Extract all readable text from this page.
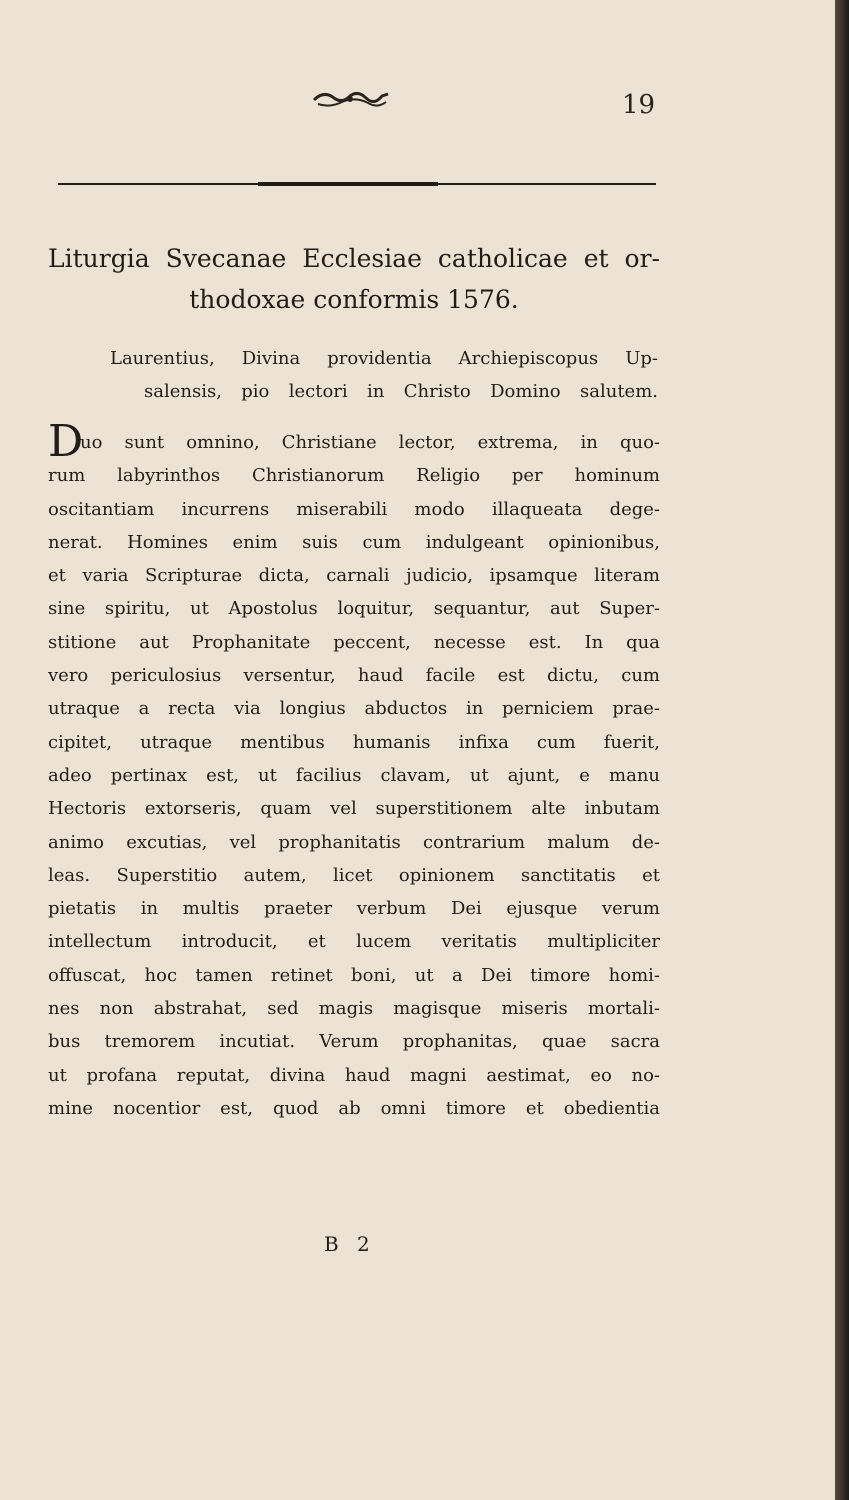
19
Liturgia Svecanae Ecclesiae catholicae et or-
thodoxae conformis 1576.
Laurentius, Divina providentia Archiepiscopus Up-
salensis, pio lectori in Christo Domino salutem.
D
uo sunt omnino, Christiane lector, extrema, in quo-
rum labyrinthos Christianorum Religio per hominum
oscitantiam incurrens miserabili modo illaqueata dege-
nerat. Homines enim suis cum indulgeant opinionibus,
et varia Scripturae dicta, carnali judicio, ipsamque literam
sine spiritu, ut Apostolus loquitur, sequantur, aut Super-
stitione aut Prophanitate peccent, necesse est. In qua
vero periculosius versentur, haud facile est dictu, cum
utraque a recta via longius abductos in perniciem prae-
cipitet, utraque mentibus humanis infixa cum fuerit,
adeo pertinax est, ut facilius clavam, ut ajunt, e manu
Hectoris extorseris, quam vel superstitionem alte inbutam
animo excutias, vel prophanitatis contrarium malum de-
leas. Superstitio autem, licet opinionem sanctitatis et
pietatis in multis praeter verbum Dei ejusque verum
intellectum introducit, et lucem veritatis multipliciter
offuscat, hoc tamen retinet boni, ut a Dei timore homi-
nes non abstrahat, sed magis magisque miseris mortali-
bus tremorem incutiat. Verum prophanitas, quae sacra
ut profana reputat, divina haud magni aestimat, eo no-
mine nocentior est, quod ab omni timore et obedientia
B 2
